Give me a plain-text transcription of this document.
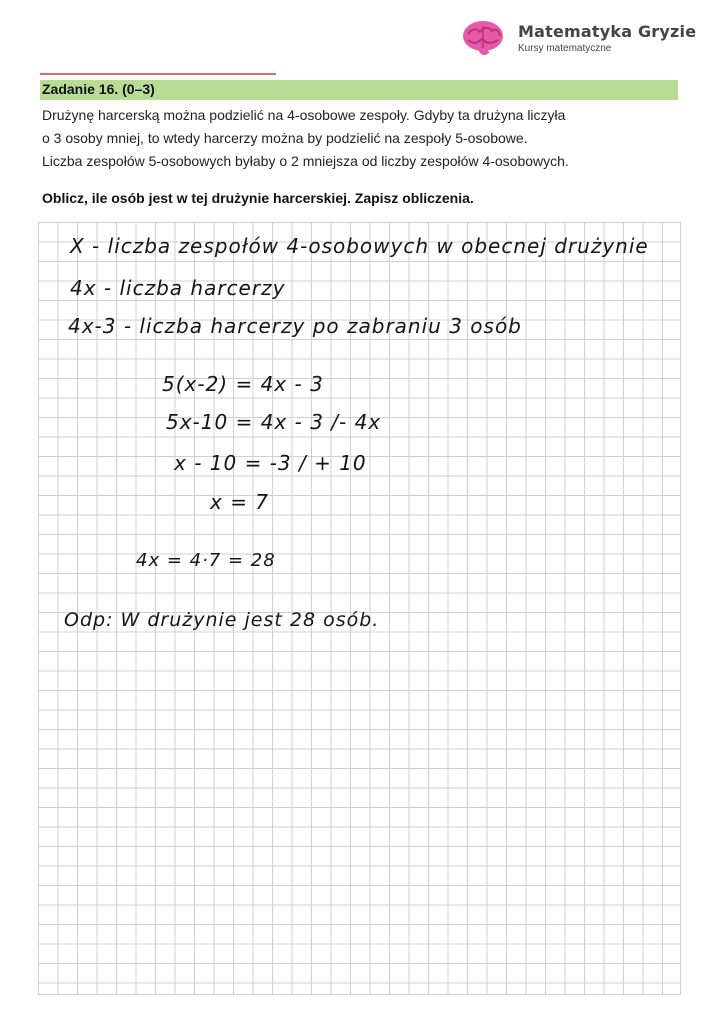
Matematyka Gryzie
Kursy matematyczne
Zadanie 16. (0–3)
Drużynę harcerską można podzielić na 4-osobowe zespoły. Gdyby ta drużyna liczyła
o 3 osoby mniej, to wtedy harcerzy można by podzielić na zespoły 5-osobowe.
Liczba zespołów 5-osobowych byłaby o 2 mniejsza od liczby zespołów 4-osobowych.
Oblicz, ile osób jest w tej drużynie harcerskiej. Zapisz obliczenia.
X - liczba zespołów 4-osobowych w obecnej drużynie
4x - liczba harcerzy
4x-3 - liczba harcerzy po zabraniu 3 osób
5(x-2) = 4x - 3
5x-10 = 4x - 3 /- 4x
x - 10 = -3 / + 10
x = 7
4x = 4·7 = 28
Odp: W drużynie jest 28 osób.
